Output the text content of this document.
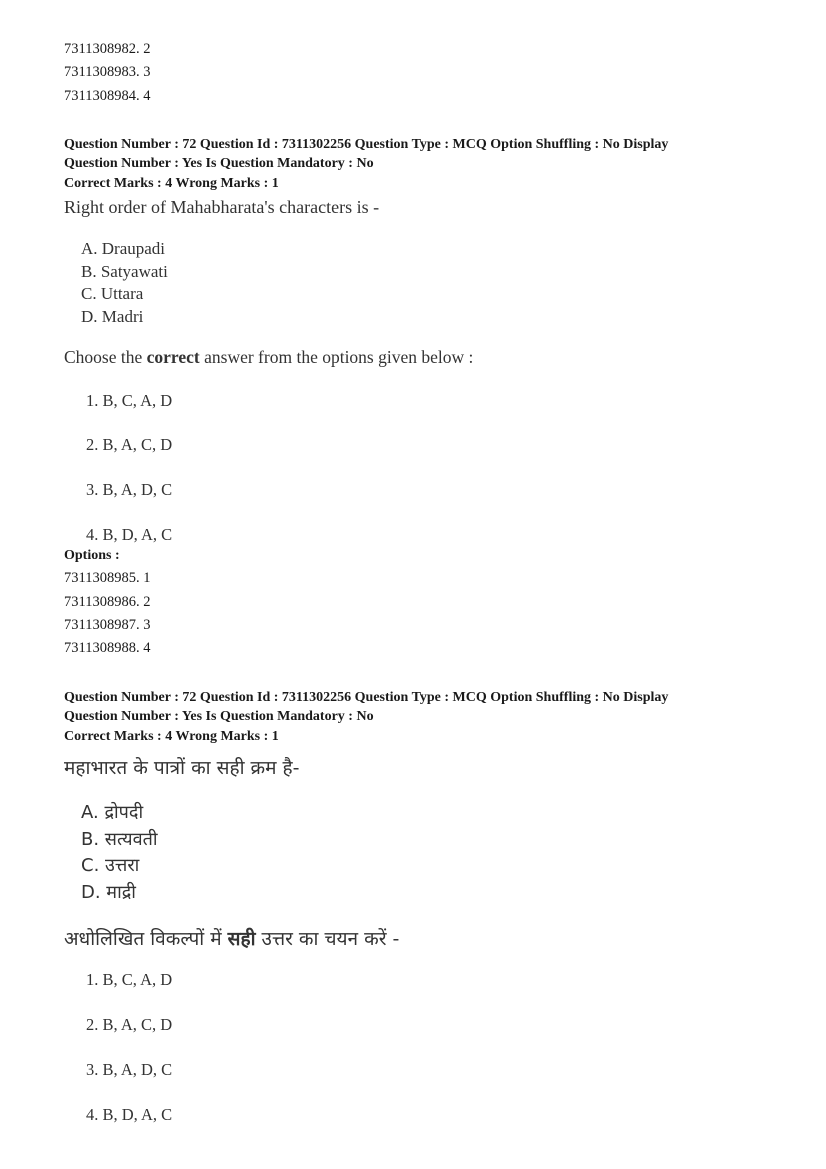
7311308982. 2
7311308983. 3
7311308984. 4
Question Number : 72 Question Id : 7311302256 Question Type : MCQ Option Shuffling : No Display
Question Number : Yes Is Question Mandatory : No
Correct Marks : 4 Wrong Marks : 1
Right order of Mahabharata's characters is -
A. Draupadi
B. Satyawati
C. Uttara
D. Madri
Choose the correct answer from the options given below :
1. B, C, A, D
2. B, A, C, D
3. B, A, D, C
4. B, D, A, C
Options :
7311308985. 1
7311308986. 2
7311308987. 3
7311308988. 4
Question Number : 72 Question Id : 7311302256 Question Type : MCQ Option Shuffling : No Display
Question Number : Yes Is Question Mandatory : No
Correct Marks : 4 Wrong Marks : 1
महाभारत के पात्रों का सही क्रम है-
A. द्रोपदी
B. सत्यवती
C. उत्तरा
D. माद्री
अधोलिखित विकल्पों में सही उत्तर का चयन करें -
1. B, C, A, D
2. B, A, C, D
3. B, A, D, C
4. B, D, A, C
